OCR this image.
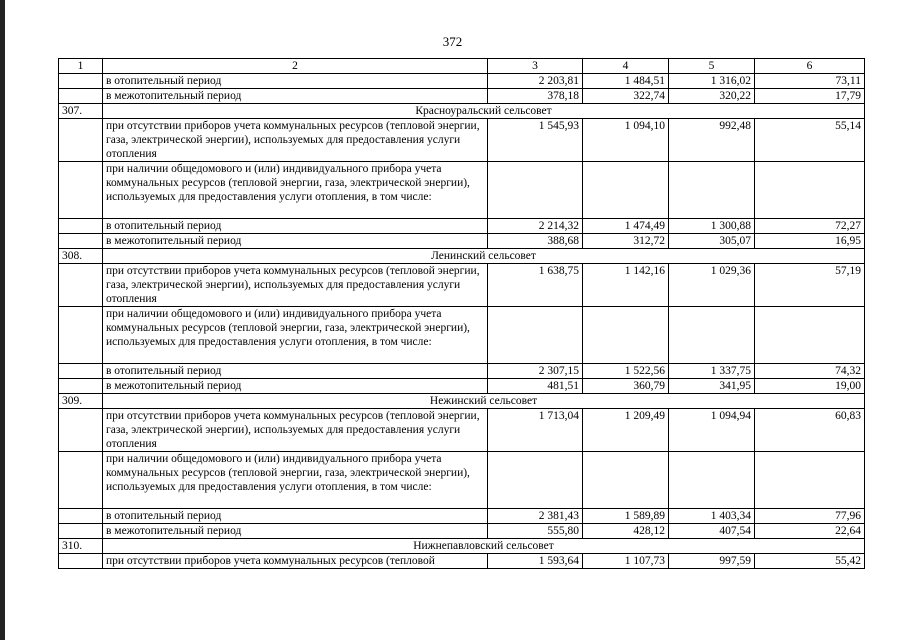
372
1	2	3	4	5	6
	в отопительный период	2 203,81	1 484,51	1 316,02	73,11
	в межотопительный период	378,18	322,74	320,22	17,79
307.	Красноуральский сельсовет				
	при отсутствии приборов учета коммунальных ресурсов (тепловой энергии, газа, электрической энергии), используемых для предоставления услуги отопления	1 545,93	1 094,10	992,48	55,14
	при наличии общедомового и (или) индивидуального прибора учета коммунальных ресурсов (тепловой энергии, газа, электрической энергии), используемых для предоставления услуги отопления, в том числе:				
	в отопительный период	2 214,32	1 474,49	1 300,88	72,27
	в межотопительный период	388,68	312,72	305,07	16,95
308.	Ленинский сельсовет				
	при отсутствии приборов учета коммунальных ресурсов (тепловой энергии, газа, электрической энергии), используемых для предоставления услуги отопления	1 638,75	1 142,16	1 029,36	57,19
	при наличии общедомового и (или) индивидуального прибора учета коммунальных ресурсов (тепловой энергии, газа, электрической энергии), используемых для предоставления услуги отопления, в том числе:				
	в отопительный период	2 307,15	1 522,56	1 337,75	74,32
	в межотопительный период	481,51	360,79	341,95	19,00
309.	Нежинский сельсовет				
	при отсутствии приборов учета коммунальных ресурсов (тепловой энергии, газа, электрической энергии), используемых для предоставления услуги отопления	1 713,04	1 209,49	1 094,94	60,83
	при наличии общедомового и (или) индивидуального прибора учета коммунальных ресурсов (тепловой энергии, газа, электрической энергии), используемых для предоставления услуги отопления, в том числе:				
	в отопительный период	2 381,43	1 589,89	1 403,34	77,96
	в межотопительный период	555,80	428,12	407,54	22,64
310.	Нижнепавловский сельсовет				
	при отсутствии приборов учета коммунальных ресурсов (тепловой	1 593,64	1 107,73	997,59	55,42
